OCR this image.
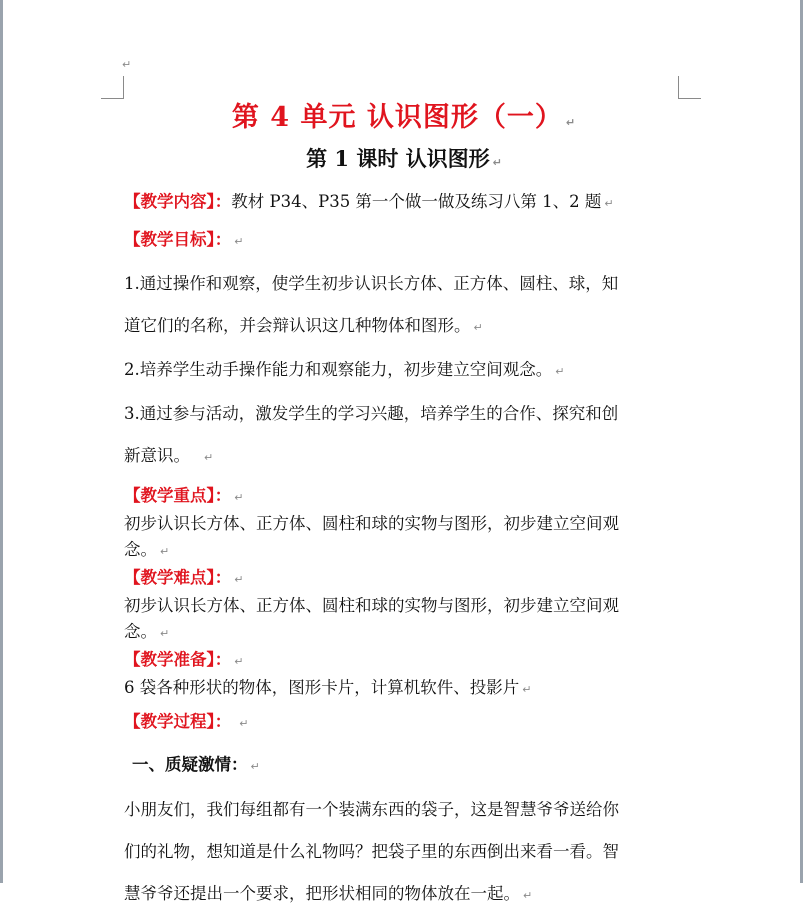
↵

第 4 单元 认识图形（一） ↵

第 1 课时 认识图形 ↵

【教学内容】：教材 P34、P35 第一个做一做及练习八第 1、2 题 ↵

【教学目标】： ↵

1.通过操作和观察，使学生初步认识长方体、正方体、圆柱、球，知

道它们的名称，并会辩认识这几种物体和图形。 ↵

2.培养学生动手操作能力和观察能力，初步建立空间观念。 ↵

3.通过参与活动，激发学生的学习兴趣，培养学生的合作、探究和创

新意识。 ↵

【教学重点】： ↵

初步认识长方体、正方体、圆柱和球的实物与图形，初步建立空间观

念。 ↵

【教学难点】： ↵

初步认识长方体、正方体、圆柱和球的实物与图形，初步建立空间观

念。 ↵

【教学准备】： ↵

6 袋各种形状的物体，图形卡片，计算机软件、投影片 ↵

【教学过程】： ↵

一、质疑激情： ↵

小朋友们，我们每组都有一个装满东西的袋子，这是智慧爷爷送给你

们的礼物，想知道是什么礼物吗？把袋子里的东西倒出来看一看。智

慧爷爷还提出一个要求，把形状相同的物体放在一起。 ↵
